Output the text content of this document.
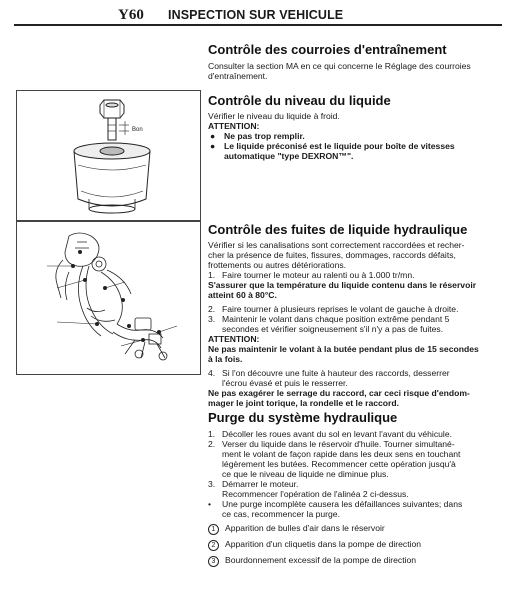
Y60 INSPECTION SUR VEHICULE
Bon
Contrôle des courroies d'entraînement
Consulter la section MA en ce qui concerne le Réglage des courroies
d'entraînement.
Contrôle du niveau du liquide
Vérifier le niveau du liquide à froid.
ATTENTION:
●	Ne pas trop remplir.
●	Le liquide préconisé est le liquide pour boîte de vitesses
automatique "type DEXRON™".
Contrôle des fuites de liquide hydraulique
Vérifier si les canalisations sont correctement raccordées et recher-
cher la présence de fuites, fissures, dommages, raccords défaits,
frottements ou autres détériorations.
1. Faire tourner le moteur au ralenti ou à 1.000 tr/mn.
S'assurer que la température du liquide contenu dans le réservoir
atteint 60 à 80°C.
2. Faire tourner à plusieurs reprises le volant de gauche à droite.
3. Maintenir le volant dans chaque position extrême pendant 5
secondes et vérifier soigneusement s'il n'y a pas de fuites.
ATTENTION:
Ne pas maintenir le volant à la butée pendant plus de 15 secondes
à la fois.
4. Si l'on découvre une fuite à hauteur des raccords, desserrer
l'écrou évasé et puis le resserrer.
Ne pas exagérer le serrage du raccord, car ceci risque d'endom-
mager le joint torique, la rondelle et le raccord.
Purge du système hydraulique
1. Décoller les roues avant du sol en levant l'avant du véhicule.
2. Verser du liquide dans le réservoir d'huile. Tourner simultané-
ment le volant de façon rapide dans les deux sens en touchant
légèrement les butées. Recommencer cette opération jusqu'à
ce que le niveau de liquide ne diminue plus.
3. Démarrer le moteur.
Recommencer l'opération de l'alinéa 2 ci-dessus.
•	Une purge incomplète causera les défaillances suivantes; dans
ce cas, recommencer la purge.
1 Apparition de bulles d'air dans le réservoir
2 Apparition d'un cliquetis dans la pompe de direction
3 Bourdonnement excessif de la pompe de direction
